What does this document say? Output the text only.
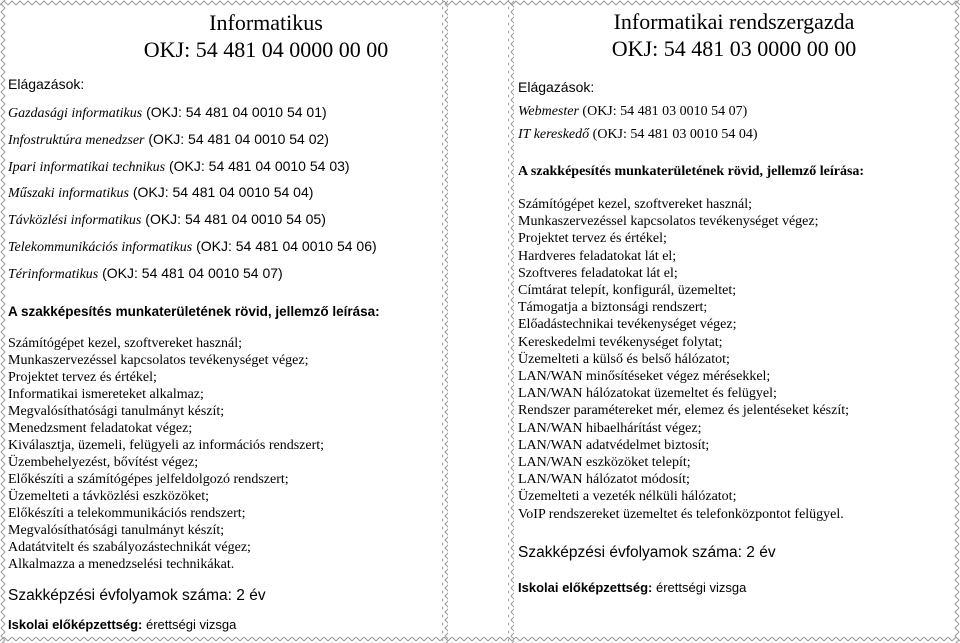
Informatikus
OKJ: 54 481 04 0000 00 00

Elágazások:

Gazdasági informatikus (OKJ: 54 481 04 0010 54 01)
Infostruktúra menedzser (OKJ: 54 481 04 0010 54 02)
Ipari informatikai technikus (OKJ: 54 481 04 0010 54 03)
Műszaki informatikus (OKJ: 54 481 04 0010 54 04)
Távközlési informatikus (OKJ: 54 481 04 0010 54 05)
Telekommunikációs informatikus (OKJ: 54 481 04 0010 54 06)
Térinformatikus (OKJ: 54 481 04 0010 54 07)

A szakképesítés munkaterületének rövid, jellemző leírása:

Számítógépet kezel, szoftvereket használ;
Munkaszervezéssel kapcsolatos tevékenységet végez;
Projektet tervez és értékel;
Informatikai ismereteket alkalmaz;
Megvalósíthatósági tanulmányt készít;
Menedzsment feladatokat végez;
Kiválasztja, üzemeli, felügyeli az információs rendszert;
Üzembehelyezést, bővítést végez;
Előkészíti a számítógépes jelfeldolgozó rendszert;
Üzemelteti a távközlési eszközöket;
Előkészíti a telekommunikációs rendszert;
Megvalósíthatósági tanulmányt készít;
Adatátvitelt és szabályozástechnikát végez;
Alkalmazza a menedzselési technikákat.

Szakképzési évfolyamok száma: 2 év

Iskolai előképzettség: érettségi vizsga

Informatikai rendszergazda
OKJ: 54 481 03 0000 00 00

Elágazások:

Webmester (OKJ: 54 481 03 0010 54 07)
IT kereskedő (OKJ: 54 481 03 0010 54 04)

A szakképesítés munkaterületének rövid, jellemző leírása:

Számítógépet kezel, szoftvereket használ;
Munkaszervezéssel kapcsolatos tevékenységet végez;
Projektet tervez és értékel;
Hardveres feladatokat lát el;
Szoftveres feladatokat lát el;
Címtárat telepít, konfigurál, üzemeltet;
Támogatja a biztonsági rendszert;
Előadástechnikai tevékenységet végez;
Kereskedelmi tevékenységet folytat;
Üzemelteti a külső és belső hálózatot;
LAN/WAN minősítéseket végez mérésekkel;
LAN/WAN hálózatokat üzemeltet és felügyel;
Rendszer paramétereket mér, elemez és jelentéseket készít;
LAN/WAN hibaelhárítást végez;
LAN/WAN adatvédelmet biztosít;
LAN/WAN eszközöket telepít;
LAN/WAN hálózatot módosít;
Üzemelteti a vezeték nélküli hálózatot;
VoIP rendszereket üzemeltet és telefonközpontot felügyel.

Szakképzési évfolyamok száma: 2 év

Iskolai előképzettség: érettségi vizsga
